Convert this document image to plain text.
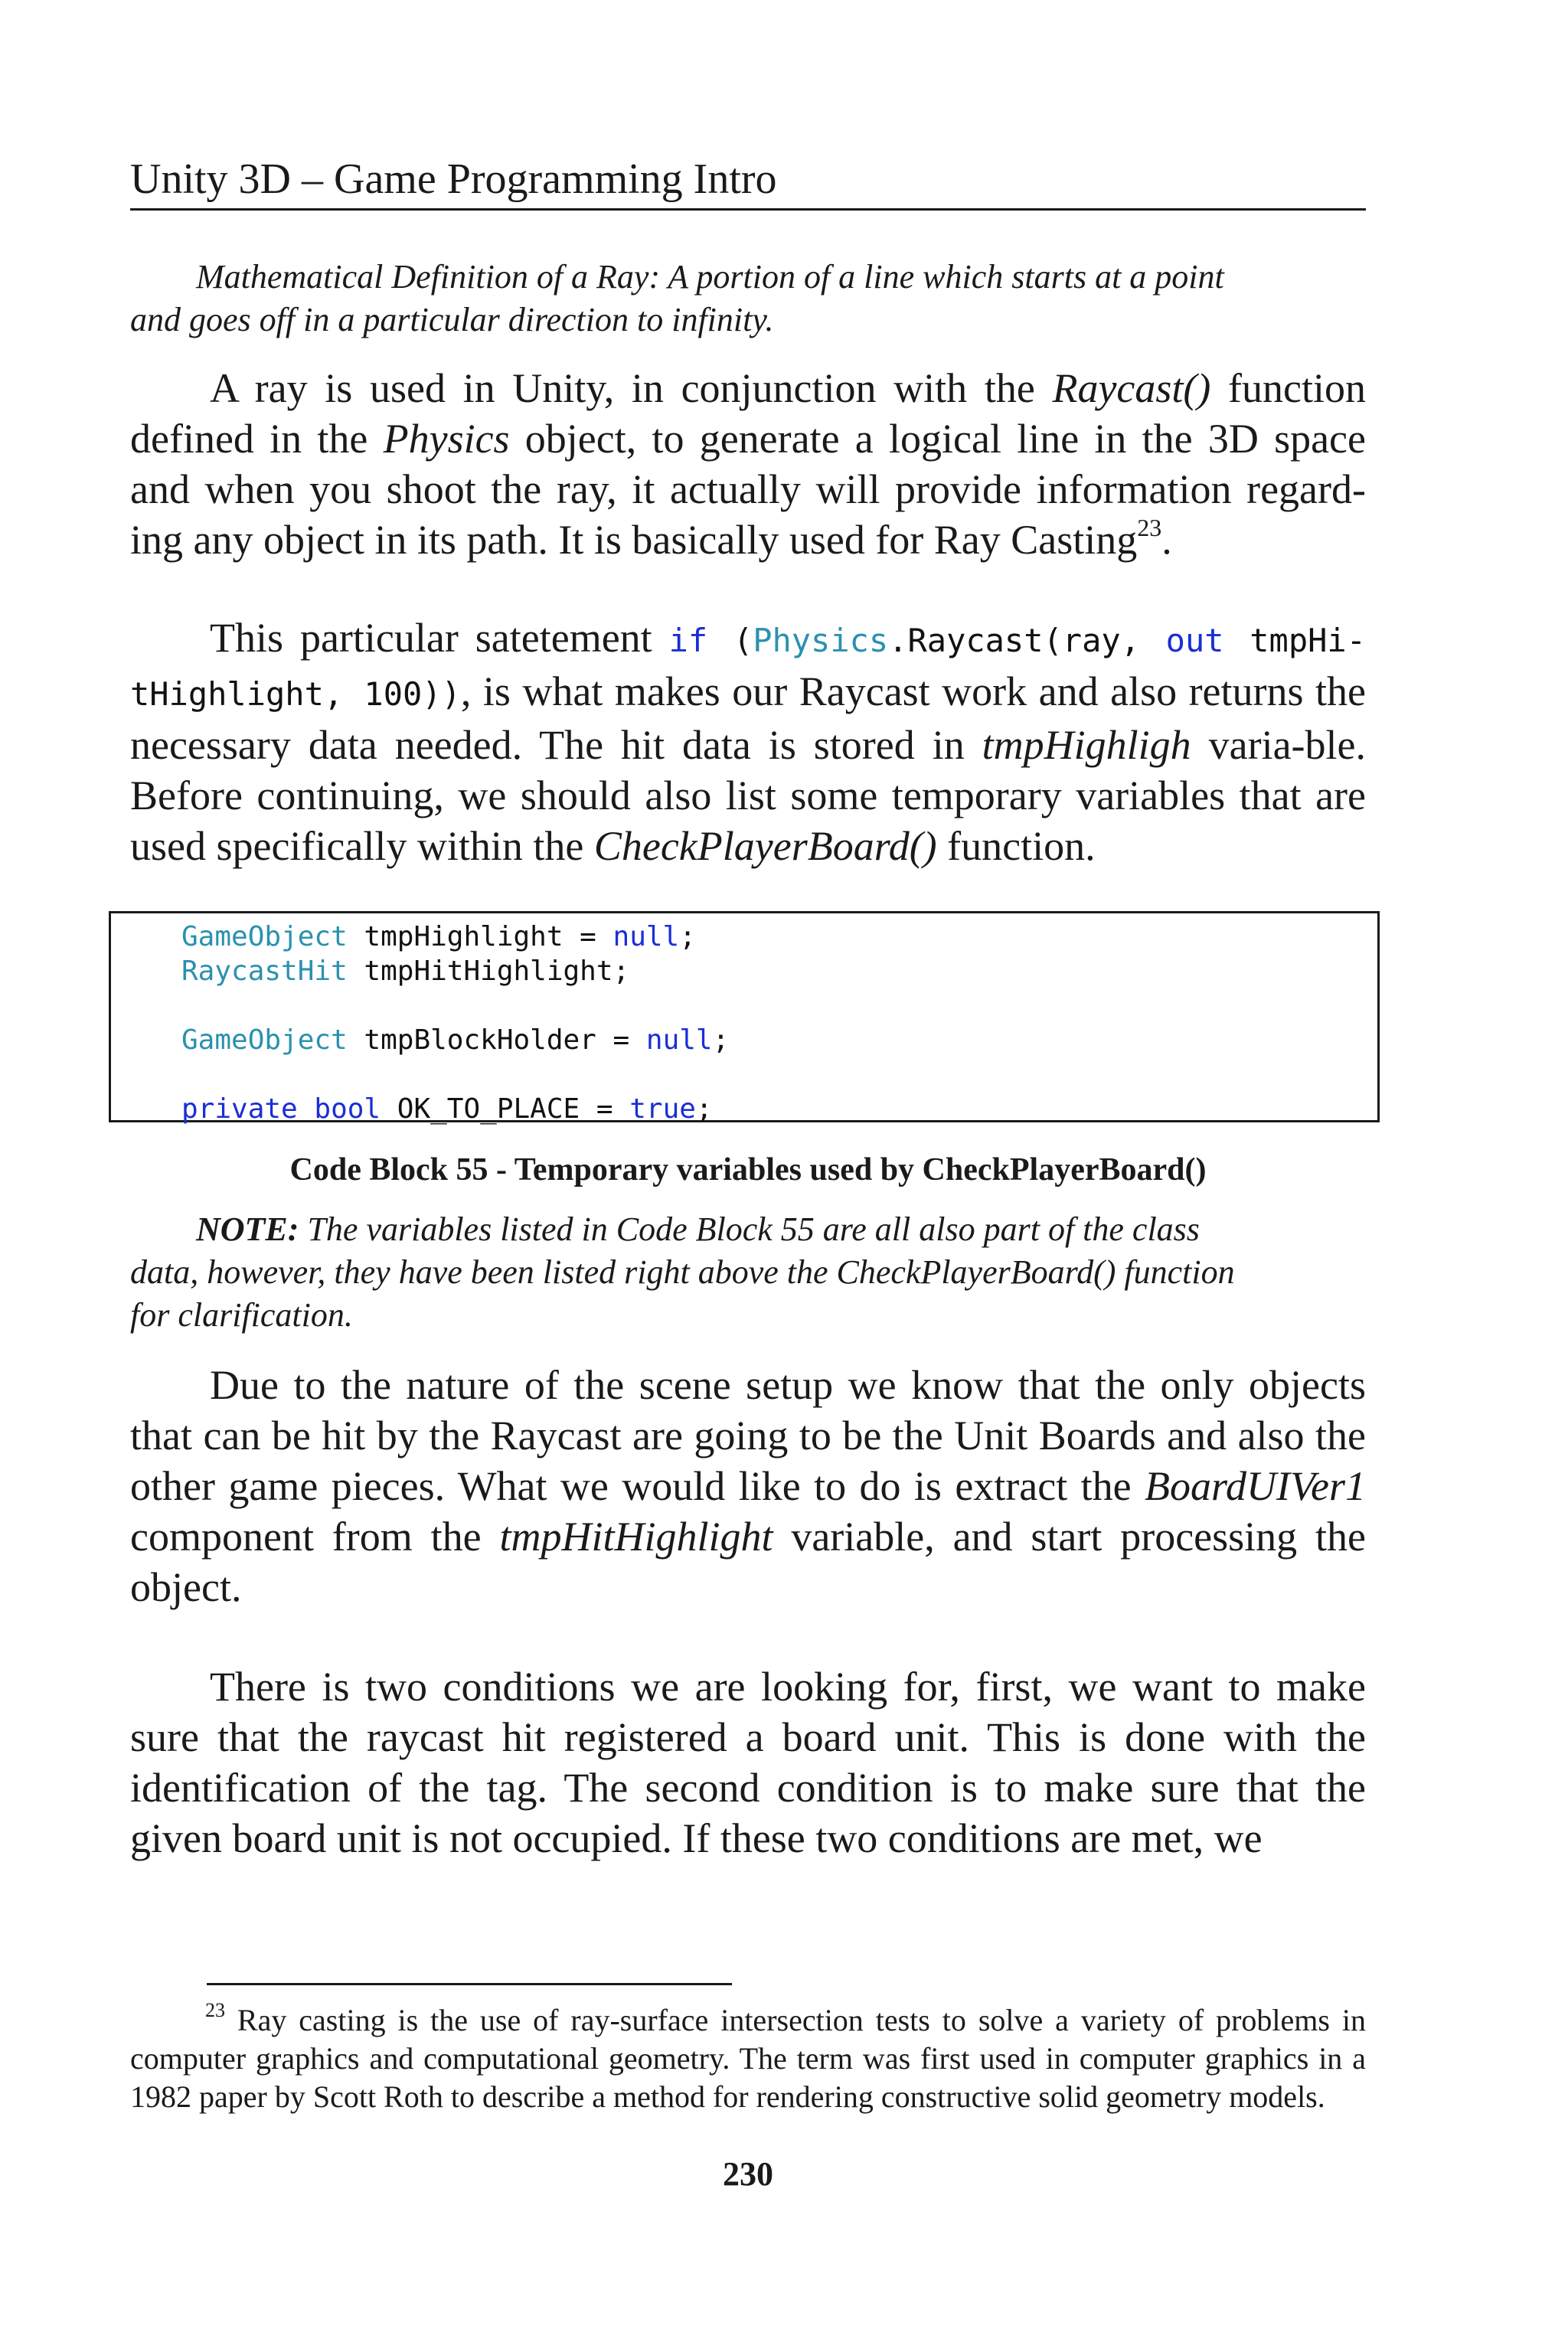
Unity 3D – Game Programming Intro
Mathematical Definition of a Ray: A portion of a line which starts at a point
and goes off in a particular direction to infinity.

A ray is used in Unity, in conjunction with the Raycast() function defined in the Physics object, to generate a logical line in the 3D space and when you shoot the ray, it actually will provide information regard-ing any object in its path. It is basically used for Ray Casting$^{23}$.

This particular satetement if (Physics.Raycast(ray, out tmpHi-tHighlight, 100)), is what makes our Raycast work and also returns the necessary data needed. The hit data is stored in tmpHighligh varia-ble. Before continuing, we should also list some temporary variables that are used specifically within the CheckPlayerBoard() function.

GameObject tmpHighlight = null;
RaycastHit tmpHitHighlight;
GameObject tmpBlockHolder = null;
private bool OK_TO_PLACE = true;
Code Block 55 - Temporary variables used by CheckPlayerBoard()
NOTE: The variables listed in Code Block 55 are all also part of the class
data, however, they have been listed right above the CheckPlayerBoard() function
for clarification.

Due to the nature of the scene setup we know that the only objects that can be hit by the Raycast are going to be the Unit Boards and also the other game pieces. What we would like to do is extract the BoardUIVer1 component from the tmpHitHighlight variable, and start processing the object.

There is two conditions we are looking for, first, we want to make sure that the raycast hit registered a board unit. This is done with the identification of the tag. The second condition is to make sure that the given board unit is not occupied. If these two conditions are met, we

$^{23}$ Ray casting is the use of ray-surface intersection tests to solve a variety of problems in computer graphics and computational geometry. The term was first used in computer graphics in a 1982 paper by Scott Roth to describe a method for rendering constructive solid geometry models.
230
